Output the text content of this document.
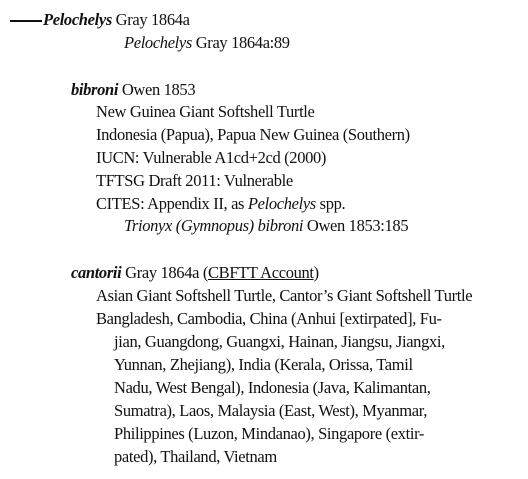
Pelochelys Gray 1864a
Pelochelys Gray 1864a:89
bibroni Owen 1853
New Guinea Giant Softshell Turtle
Indonesia (Papua), Papua New Guinea (Southern)
IUCN: Vulnerable A1cd+2cd (2000)
TFTSG Draft 2011: Vulnerable
CITES: Appendix II, as Pelochelys spp.
Trionyx (Gymnopus) bibroni Owen 1853:185
cantorii Gray 1864a (CBFTT Account)
Asian Giant Softshell Turtle, Cantor’s Giant Softshell Turtle
Bangladesh, Cambodia, China (Anhui [extirpated], Fu-
jian, Guangdong, Guangxi, Hainan, Jiangsu, Jiangxi,
Yunnan, Zhejiang), India (Kerala, Orissa, Tamil
Nadu, West Bengal), Indonesia (Java, Kalimantan,
Sumatra), Laos, Malaysia (East, West), Myanmar,
Philippines (Luzon, Mindanao), Singapore (extir-
pated), Thailand, Vietnam
